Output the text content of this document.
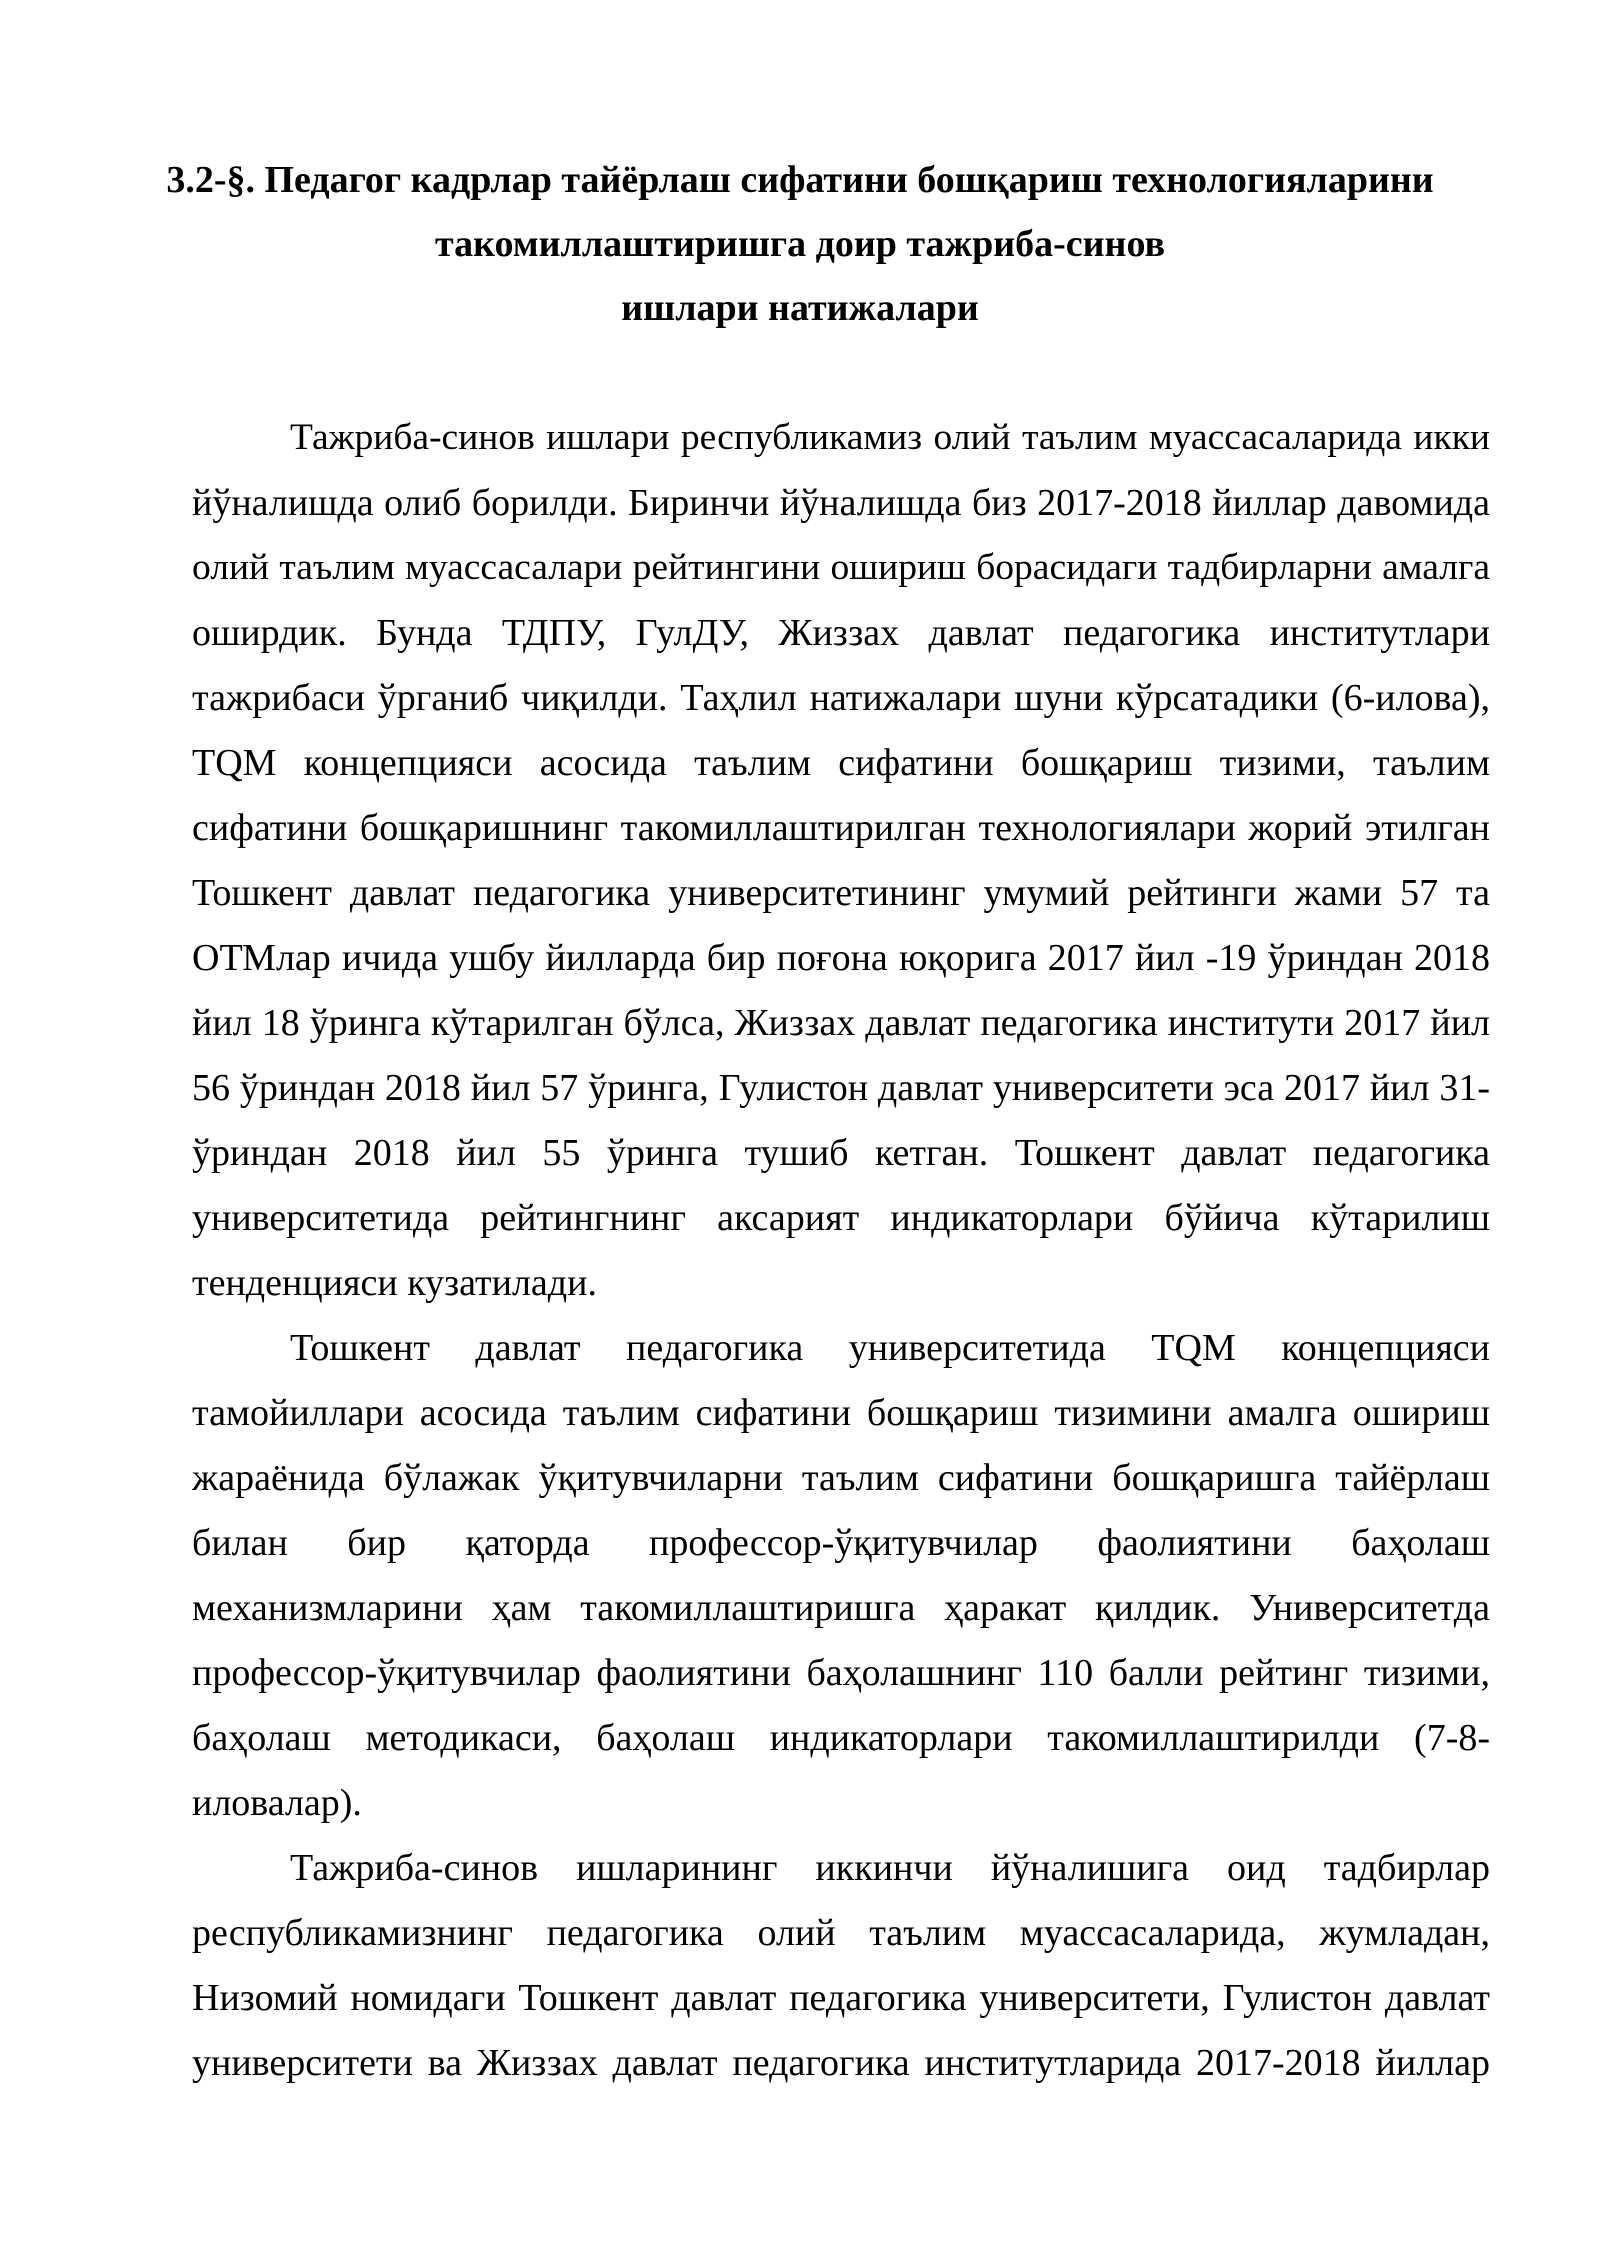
3.2-§. Педагог кадрлар тайёрлаш сифатини бошқариш технологияларини
такомиллаштиришга доир тажриба-синов
ишлари натижалари
Тажриба-синов ишлари республикамиз олий таълим муассасаларида икки
йўналишда олиб борилди. Биринчи йўналишда биз 2017-2018 йиллар давомида
олий таълим муассасалари рейтингини ошириш борасидаги тадбирларни амалга
оширдик. Бунда ТДПУ, ГулДУ, Жиззах давлат педагогика институтлари
тажрибаси ўрганиб чиқилди. Таҳлил натижалари шуни кўрсатадики (6-илова),
TQM концепцияси асосида таълим сифатини бошқариш тизими, таълим
сифатини бошқаришнинг такомиллаштирилган технологиялари жорий этилган
Тошкент давлат педагогика университетининг умумий рейтинги жами 57 та
ОТМлар ичида ушбу йилларда бир поғона юқорига 2017 йил -19 ўриндан 2018
йил 18 ўринга кўтарилган бўлса, Жиззах давлат педагогика институти 2017 йил
56 ўриндан 2018 йил 57 ўринга, Гулистон давлат университети эса 2017 йил 31-
ўриндан 2018 йил 55 ўринга тушиб кетган. Тошкент давлат педагогика
университетида рейтингнинг аксарият индикаторлари бўйича кўтарилиш
тенденцияси кузатилади.
Тошкент давлат педагогика университетида TQM концепцияси
тамойиллари асосида таълим сифатини бошқариш тизимини амалга ошириш
жараёнида бўлажак ўқитувчиларни таълим сифатини бошқаришга тайёрлаш
билан бир қаторда профессор-ўқитувчилар фаолиятини баҳолаш
механизмларини ҳам такомиллаштиришга ҳаракат қилдик. Университетда
профессор-ўқитувчилар фаолиятини баҳолашнинг 110 балли рейтинг тизими,
баҳолаш методикаси, баҳолаш индикаторлари такомиллаштирилди (7-8-
иловалар).
Тажриба-синов ишларининг иккинчи йўналишига оид тадбирлар
республикамизнинг педагогика олий таълим муассасаларида, жумладан,
Низомий номидаги Тошкент давлат педагогика университети, Гулистон давлат
университети ва Жиззах давлат педагогика институтларида 2017-2018 йиллар
